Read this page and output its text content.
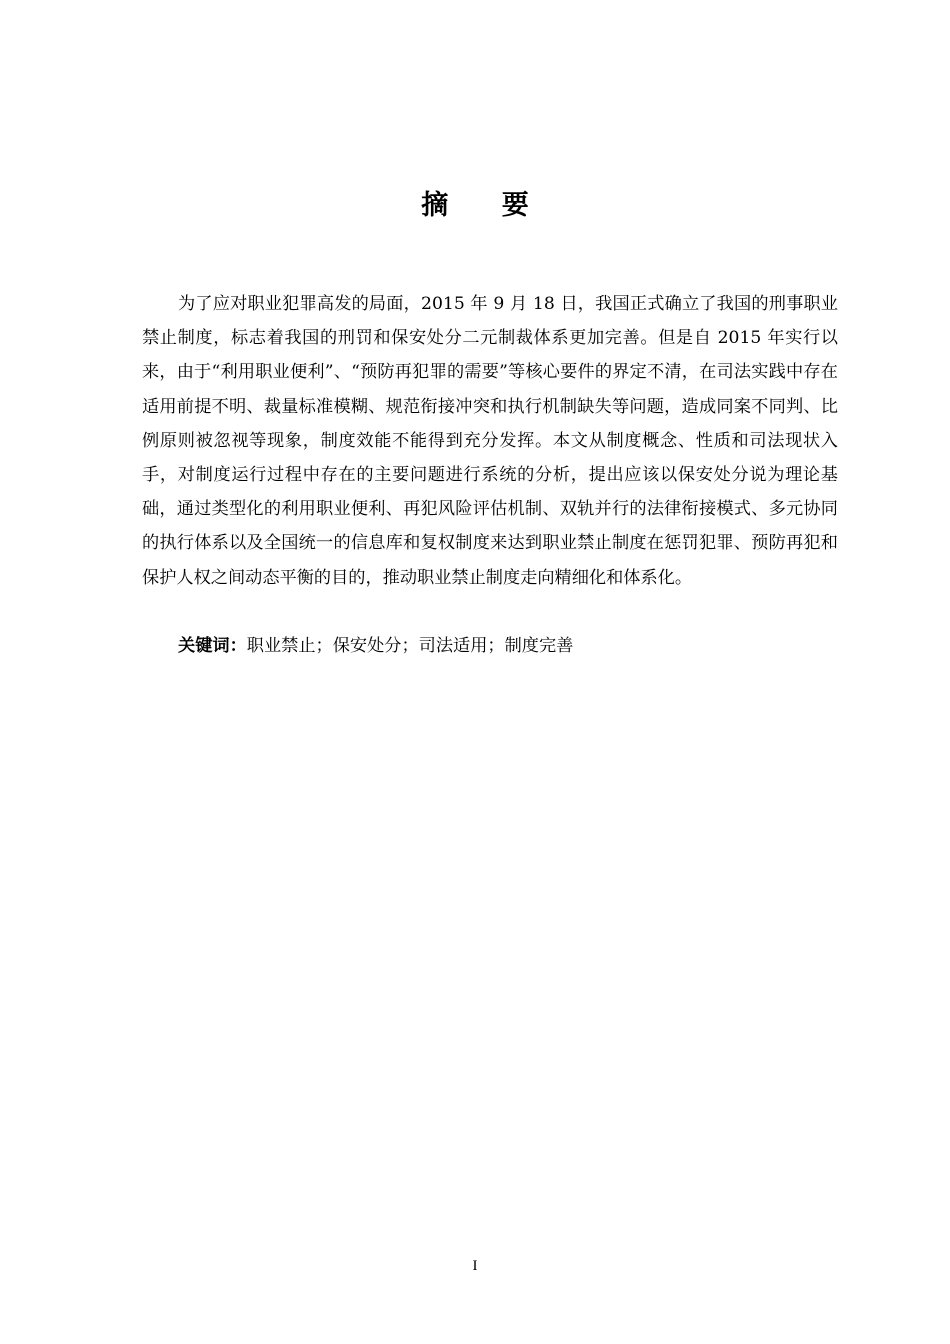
摘 要

为了应对职业犯罪高发的局面，2015 年 9 月 18 日，我国正式确立了我国的刑事职业禁止制度，标志着我国的刑罚和保安处分二元制裁体系更加完善。但是自 2015 年实行以来，由于“利用职业便利”、“预防再犯罪的需要”等核心要件的界定不清，在司法实践中存在适用前提不明、裁量标准模糊、规范衔接冲突和执行机制缺失等问题，造成同案不同判、比例原则被忽视等现象，制度效能不能得到充分发挥。本文从制度概念、性质和司法现状入手，对制度运行过程中存在的主要问题进行系统的分析，提出应该以保安处分说为理论基础，通过类型化的利用职业便利、再犯风险评估机制、双轨并行的法律衔接模式、多元协同的执行体系以及全国统一的信息库和复权制度来达到职业禁止制度在惩罚犯罪、预防再犯和保护人权之间动态平衡的目的，推动职业禁止制度走向精细化和体系化。

关键词：职业禁止；保安处分；司法适用；制度完善
I
